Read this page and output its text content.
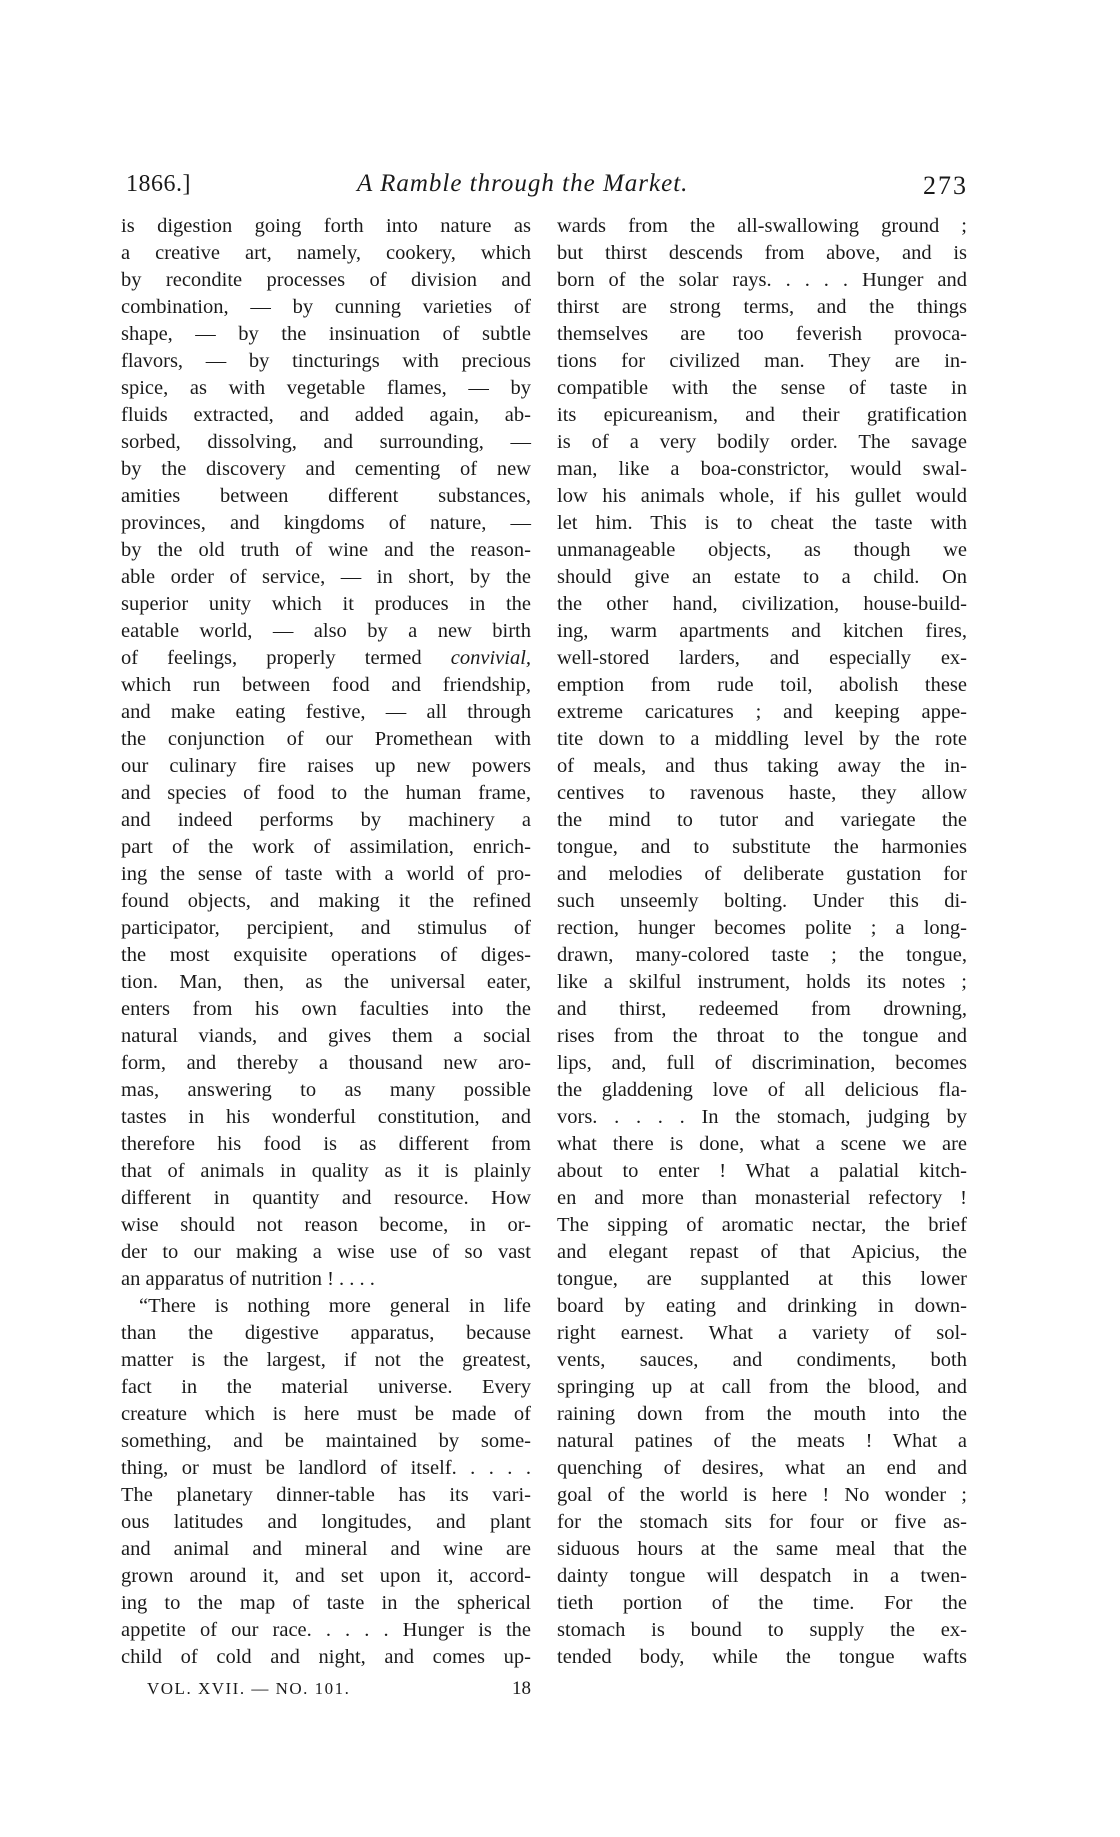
1866.]	A Ramble through the Market.	273
is digestion going forth into nature as
a creative art, namely, cookery, which
by recondite processes of division and
combination, — by cunning varieties of
shape, — by the insinuation of subtle
flavors, — by tincturings with precious
spice, as with vegetable flames, — by
fluids extracted, and added again, ab-
sorbed, dissolving, and surrounding, —
by the discovery and cementing of new
amities between different substances,
provinces, and kingdoms of nature, —
by the old truth of wine and the reason-
able order of service, — in short, by the
superior unity which it produces in the
eatable world, — also by a new birth
of feelings, properly termed convivial,
which run between food and friendship,
and make eating festive, — all through
the conjunction of our Promethean with
our culinary fire raises up new powers
and species of food to the human frame,
and indeed performs by machinery a
part of the work of assimilation, enrich-
ing the sense of taste with a world of pro-
found objects, and making it the refined
participator, percipient, and stimulus of
the most exquisite operations of diges-
tion. Man, then, as the universal eater,
enters from his own faculties into the
natural viands, and gives them a social
form, and thereby a thousand new aro-
mas, answering to as many possible
tastes in his wonderful constitution, and
therefore his food is as different from
that of animals in quality as it is plainly
different in quantity and resource. How
wise should not reason become, in or-
der to our making a wise use of so vast
an apparatus of nutrition ! . . . .
“There is nothing more general in life
than the digestive apparatus, because
matter is the largest, if not the greatest,
fact in the material universe. Every
creature which is here must be made of
something, and be maintained by some-
thing, or must be landlord of itself. . . . .
The planetary dinner-table has its vari-
ous latitudes and longitudes, and plant
and animal and mineral and wine are
grown around it, and set upon it, accord-
ing to the map of taste in the spherical
appetite of our race. . . . . Hunger is the
child of cold and night, and comes up-
wards from the all-swallowing ground ;
but thirst descends from above, and is
born of the solar rays. . . . . Hunger and
thirst are strong terms, and the things
themselves are too feverish provoca-
tions for civilized man. They are in-
compatible with the sense of taste in
its epicureanism, and their gratification
is of a very bodily order. The savage
man, like a boa-constrictor, would swal-
low his animals whole, if his gullet would
let him. This is to cheat the taste with
unmanageable objects, as though we
should give an estate to a child. On
the other hand, civilization, house-build-
ing, warm apartments and kitchen fires,
well-stored larders, and especially ex-
emption from rude toil, abolish these
extreme caricatures ; and keeping appe-
tite down to a middling level by the rote
of meals, and thus taking away the in-
centives to ravenous haste, they allow
the mind to tutor and variegate the
tongue, and to substitute the harmonies
and melodies of deliberate gustation for
such unseemly bolting. Under this di-
rection, hunger becomes polite ; a long-
drawn, many-colored taste ; the tongue,
like a skilful instrument, holds its notes ;
and thirst, redeemed from drowning,
rises from the throat to the tongue and
lips, and, full of discrimination, becomes
the gladdening love of all delicious fla-
vors. . . . . In the stomach, judging by
what there is done, what a scene we are
about to enter ! What a palatial kitch-
en and more than monasterial refectory !
The sipping of aromatic nectar, the brief
and elegant repast of that Apicius, the
tongue, are supplanted at this lower
board by eating and drinking in down-
right earnest. What a variety of sol-
vents, sauces, and condiments, both
springing up at call from the blood, and
raining down from the mouth into the
natural patines of the meats ! What a
quenching of desires, what an end and
goal of the world is here ! No wonder ;
for the stomach sits for four or five as-
siduous hours at the same meal that the
dainty tongue will despatch in a twen-
tieth portion of the time. For the
stomach is bound to supply the ex-
tended body, while the tongue wafts
VOL. XVII. — NO. 101.	18
